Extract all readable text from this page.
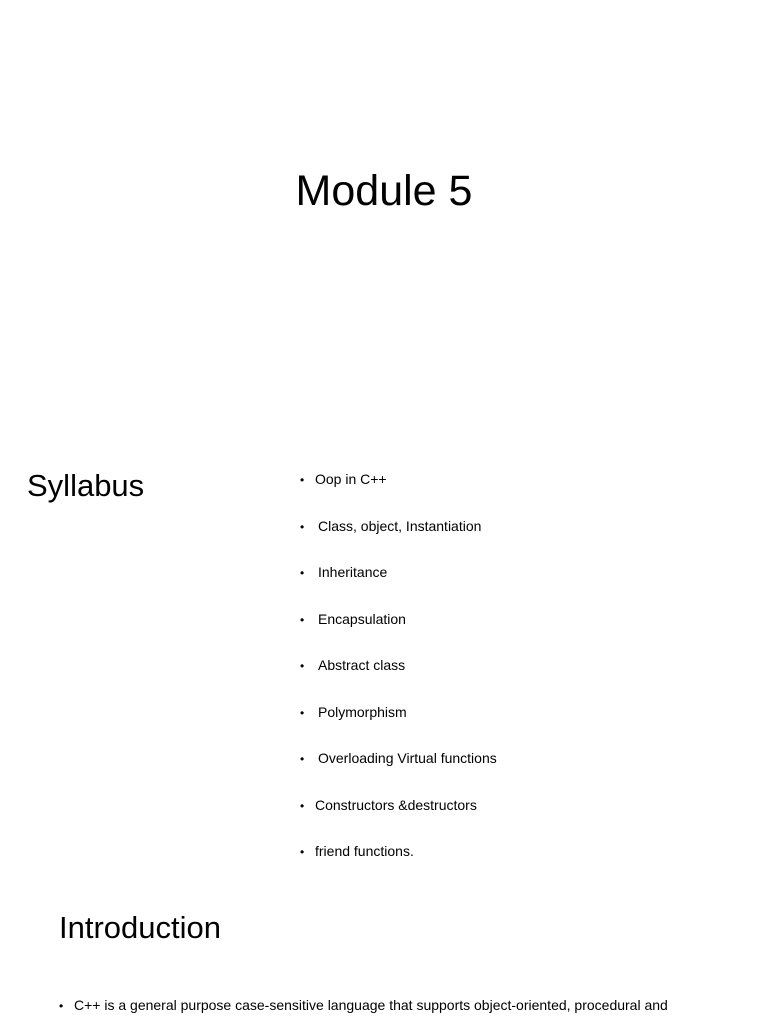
Module 5
Syllabus	• Oop in C++
• Class, object, Instantiation
• Inheritance
• Encapsulation
• Abstract class
• Polymorphism
• Overloading Virtual functions
• Constructors &destructors
• friend functions.
Introduction

• C++ is a general purpose case-sensitive language that supports object-oriented, procedural and
